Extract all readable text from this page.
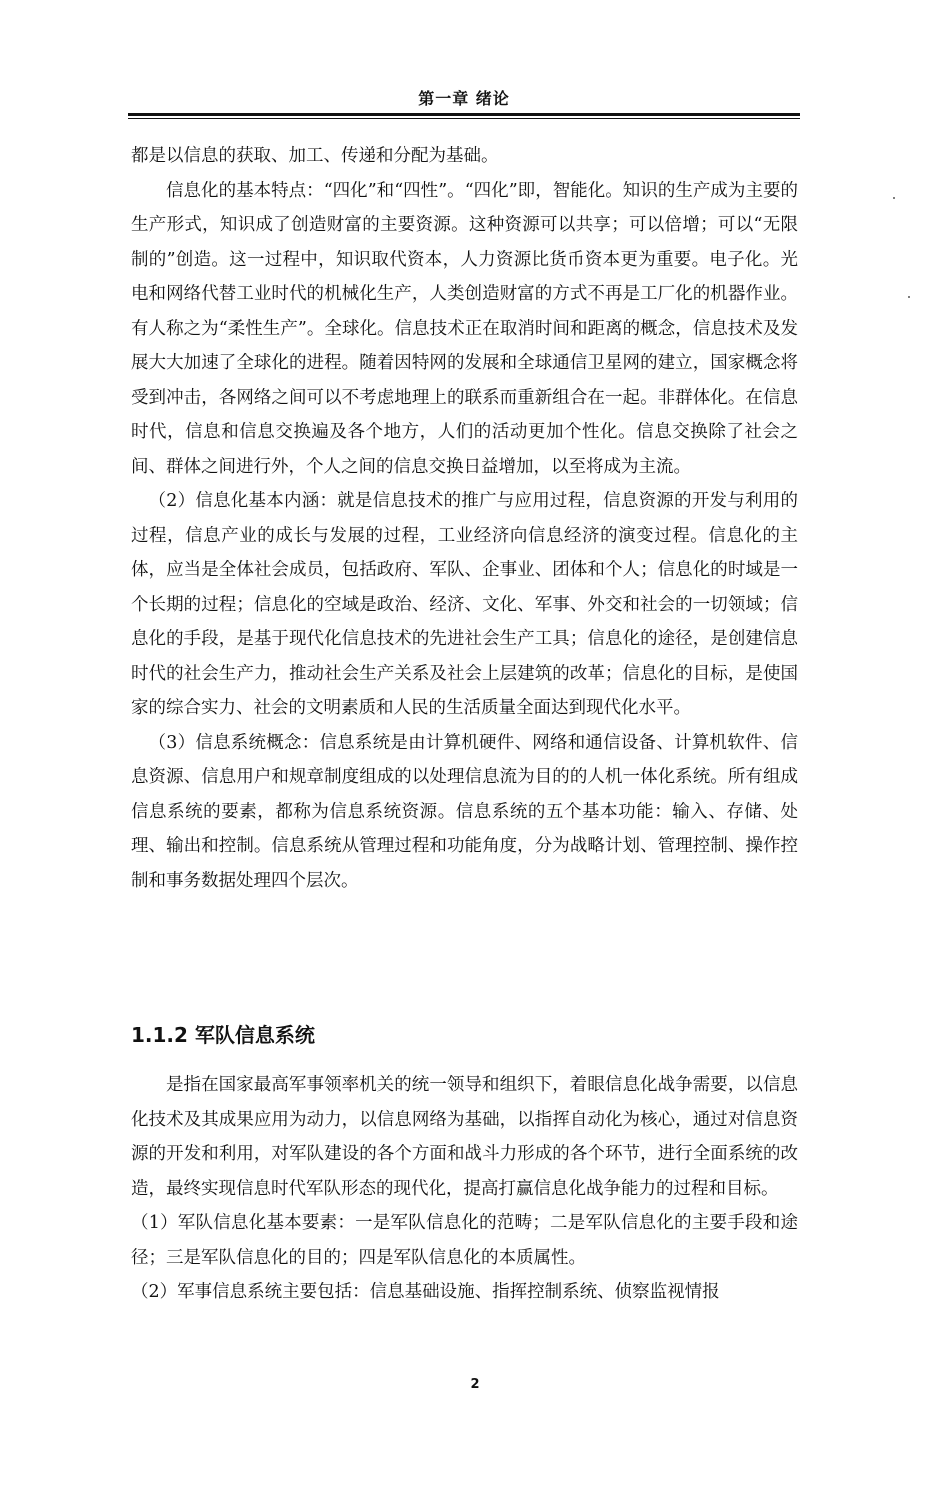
第一章 绪论

都是以信息的获取、加工、传递和分配为基础。

信息化的基本特点：“四化”和“四性”。“四化”即，智能化。知识的生产成为主要的生产形式，知识成了创造财富的主要资源。这种资源可以共享；可以倍增；可以“无限制的”创造。这一过程中，知识取代资本，人力资源比货币资本更为重要。电子化。光电和网络代替工业时代的机械化生产，人类创造财富的方式不再是工厂化的机器作业。有人称之为“柔性生产”。全球化。信息技术正在取消时间和距离的概念，信息技术及发展大大加速了全球化的进程。随着因特网的发展和全球通信卫星网的建立，国家概念将受到冲击，各网络之间可以不考虑地理上的联系而重新组合在一起。非群体化。在信息时代，信息和信息交换遍及各个地方，人们的活动更加个性化。信息交换除了社会之间、群体之间进行外，个人之间的信息交换日益增加，以至将成为主流。

（2）信息化基本内涵：就是信息技术的推广与应用过程，信息资源的开发与利用的过程，信息产业的成长与发展的过程，工业经济向信息经济的演变过程。信息化的主体，应当是全体社会成员，包括政府、军队、企事业、团体和个人；信息化的时域是一个长期的过程；信息化的空域是政治、经济、文化、军事、外交和社会的一切领域；信息化的手段，是基于现代化信息技术的先进社会生产工具；信息化的途径，是创建信息时代的社会生产力，推动社会生产关系及社会上层建筑的改革；信息化的目标，是使国家的综合实力、社会的文明素质和人民的生活质量全面达到现代化水平。

（3）信息系统概念：信息系统是由计算机硬件、网络和通信设备、计算机软件、信息资源、信息用户和规章制度组成的以处理信息流为目的的人机一体化系统。所有组成信息系统的要素，都称为信息系统资源。信息系统的五个基本功能：输入、存储、处理、输出和控制。信息系统从管理过程和功能角度，分为战略计划、管理控制、操作控制和事务数据处理四个层次。

1.1.2 军队信息系统

是指在国家最高军事领率机关的统一领导和组织下，着眼信息化战争需要，以信息化技术及其成果应用为动力，以信息网络为基础，以指挥自动化为核心，通过对信息资源的开发和利用，对军队建设的各个方面和战斗力形成的各个环节，进行全面系统的改造，最终实现信息时代军队形态的现代化，提高打赢信息化战争能力的过程和目标。

（1）军队信息化基本要素：一是军队信息化的范畴；二是军队信息化的主要手段和途径；三是军队信息化的目的；四是军队信息化的本质属性。

（2）军事信息系统主要包括：信息基础设施、指挥控制系统、侦察监视情报

2
